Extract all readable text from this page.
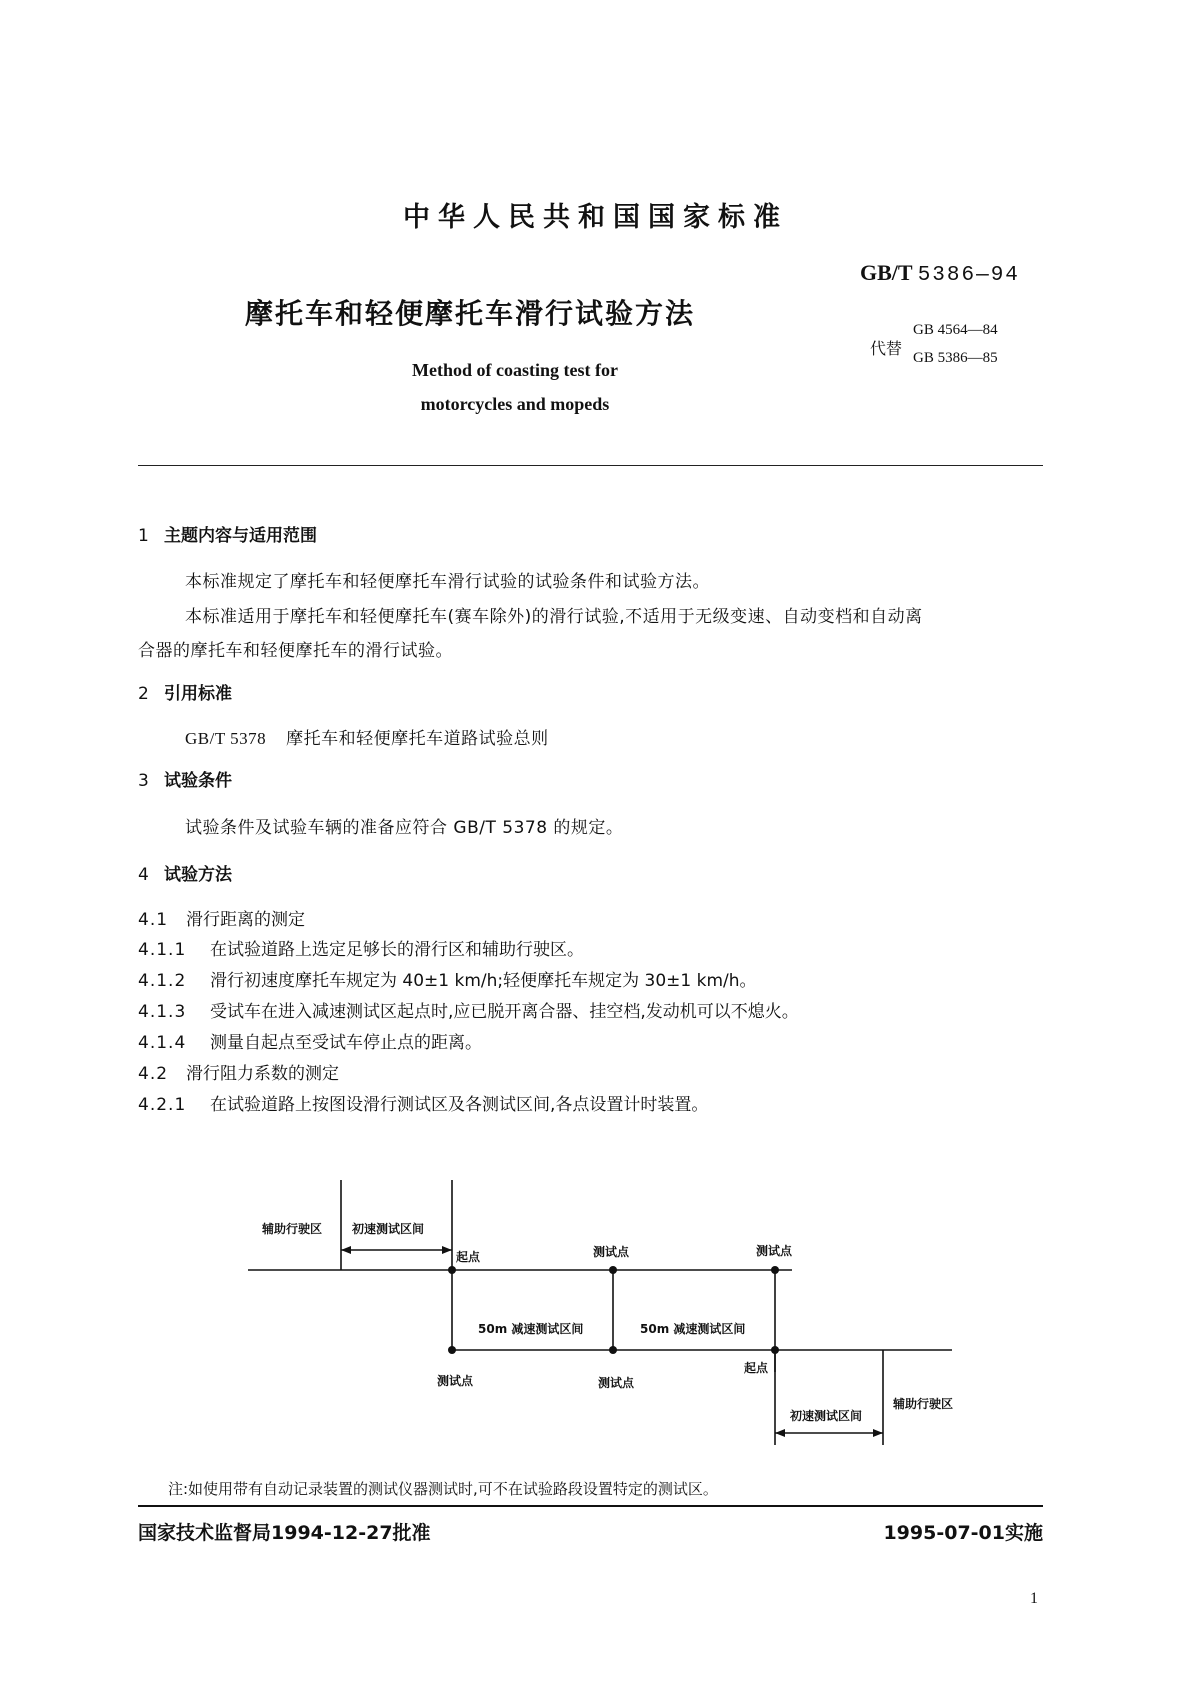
中华人民共和国国家标准
GB/T 5386—94
摩托车和轻便摩托车滑行试验方法
代替
GB 4564—84
GB 5386—85
Method of coasting test for
motorcycles and mopeds
1 主题内容与适用范围
本标准规定了摩托车和轻便摩托车滑行试验的试验条件和试验方法。
本标准适用于摩托车和轻便摩托车(赛车除外)的滑行试验,不适用于无级变速、自动变档和自动离
合器的摩托车和轻便摩托车的滑行试验。
2 引用标准
GB/T 5378 摩托车和轻便摩托车道路试验总则
3 试验条件
试验条件及试验车辆的准备应符合 GB/T 5378 的规定。
4 试验方法
4.1 滑行距离的测定
4.1.1 在试验道路上选定足够长的滑行区和辅助行驶区。
4.1.2 滑行初速度摩托车规定为 40±1 km/h;轻便摩托车规定为 30±1 km/h。
4.1.3 受试车在进入减速测试区起点时,应已脱开离合器、挂空档,发动机可以不熄火。
4.1.4 测量自起点至受试车停止点的距离。
4.2 滑行阻力系数的测定
4.2.1 在试验道路上按图设滑行测试区及各测试区间,各点设置计时装置。
辅助行驶区 初速测试区间
起点	测试点	测试点
50m 减速测试区间	50m 减速测试区间
测试点	测试点
起点
初速测试区间
辅助行驶区
注:如使用带有自动记录装置的测试仪器测试时,可不在试验路段设置特定的测试区。
国家技术监督局1994-12-27批准	1995-07-01实施
1
